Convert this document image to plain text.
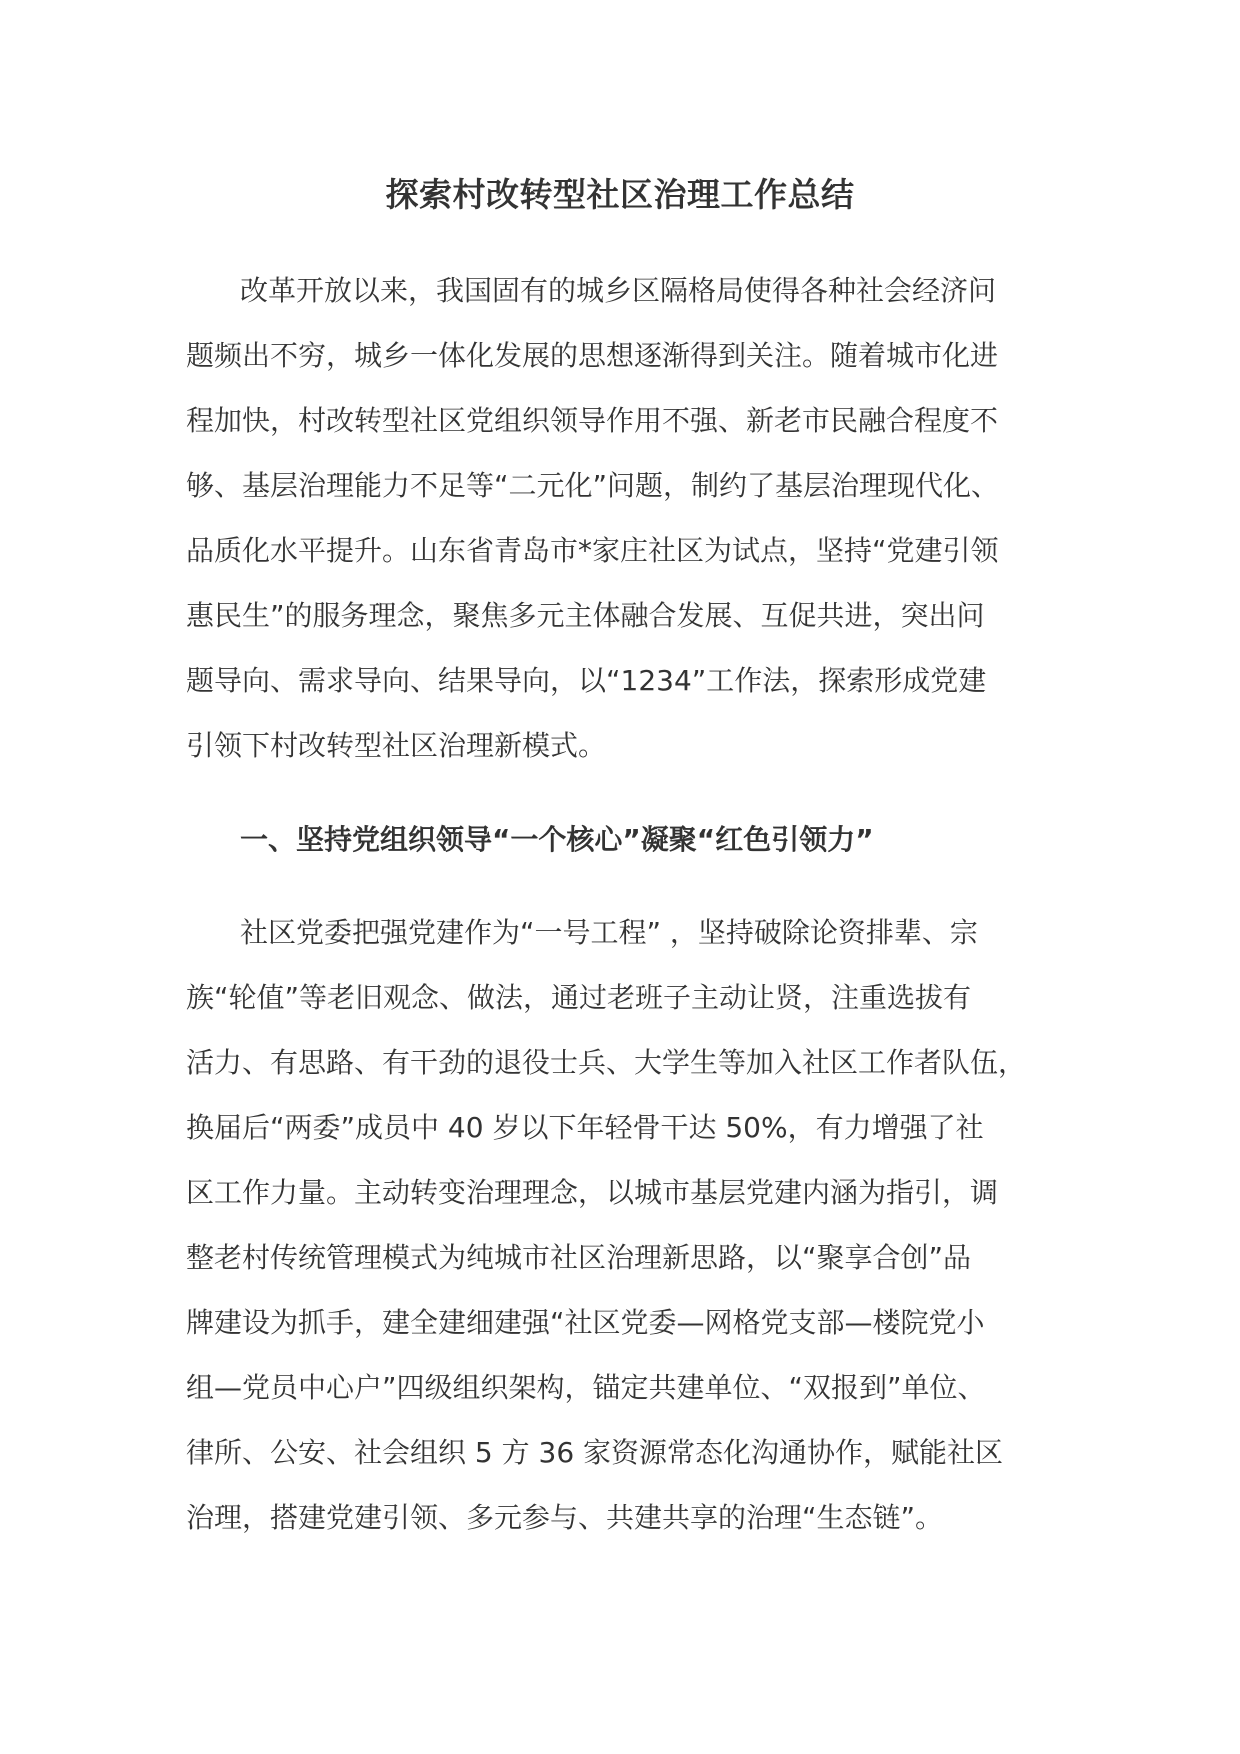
探索村改转型社区治理工作总结
改革开放以来，我国固有的城乡区隔格局使得各种社会经济问
题频出不穷，城乡一体化发展的思想逐渐得到关注。随着城市化进
程加快，村改转型社区党组织领导作用不强、新老市民融合程度不
够、基层治理能力不足等“二元化”问题，制约了基层治理现代化、
品质化水平提升。山东省青岛市*家庄社区为试点，坚持“党建引领
惠民生”的服务理念，聚焦多元主体融合发展、互促共进，突出问
题导向、需求导向、结果导向，以“1234”工作法，探索形成党建
引领下村改转型社区治理新模式。
一、坚持党组织领导“一个核心”凝聚“红色引领力”
社区党委把强党建作为“一号工程” ，坚持破除论资排辈、宗
族“轮值”等老旧观念、做法，通过老班子主动让贤，注重选拔有
活力、有思路、有干劲的退役士兵、大学生等加入社区工作者队伍，
换届后“两委”成员中 40 岁以下年轻骨干达 50%，有力增强了社
区工作力量。主动转变治理理念，以城市基层党建内涵为指引，调
整老村传统管理模式为纯城市社区治理新思路，以“聚享合创”品
牌建设为抓手，建全建细建强“社区党委—网格党支部—楼院党小
组—党员中心户”四级组织架构，锚定共建单位、“双报到”单位、
律所、公安、社会组织 5 方 36 家资源常态化沟通协作，赋能社区
治理，搭建党建引领、多元参与、共建共享的治理“生态链”。
